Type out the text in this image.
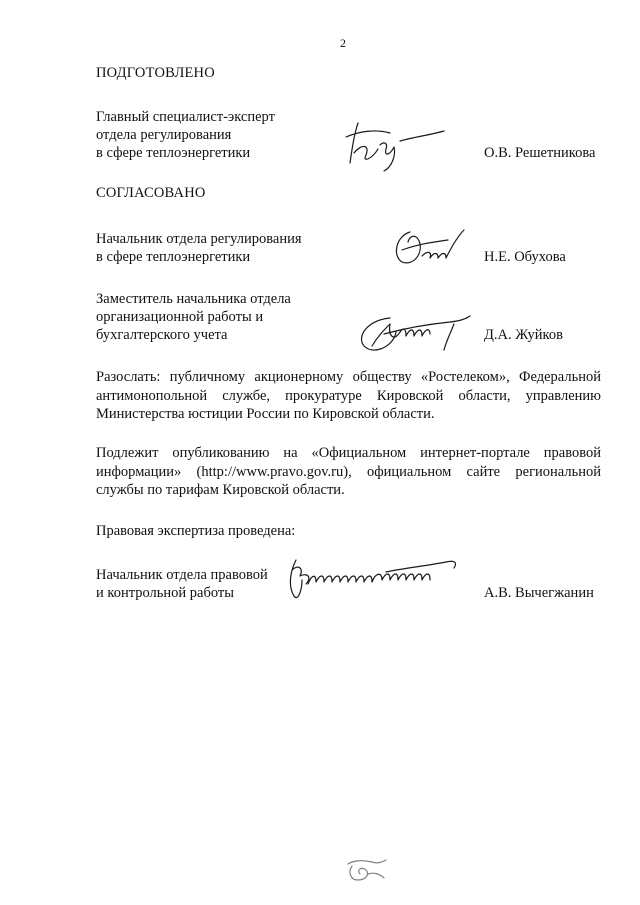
2
ПОДГОТОВЛЕНО
Главный специалист-эксперт
отдела регулирования
в сфере теплоэнергетики	О.В. Решетникова
СОГЛАСОВАНО
Начальник отдела регулирования
в сфере теплоэнергетики	Н.Е. Обухова
Заместитель начальника отдела
организационной работы и
бухгалтерского учета	Д.А. Жуйков

Разослать: публичному акционерному обществу «Ростелеком», Федеральной антимонопольной службе, прокуратуре Кировской области, управлению Министерства юстиции России по Кировской области.

Подлежит опубликованию на «Официальном интернет-портале правовой информации» (http://www.pravo.gov.ru), официальном сайте региональной службы по тарифам Кировской области.

Правовая экспертиза проведена:
Начальник отдела правовой
и контрольной работы	А.В. Вычегжанин
